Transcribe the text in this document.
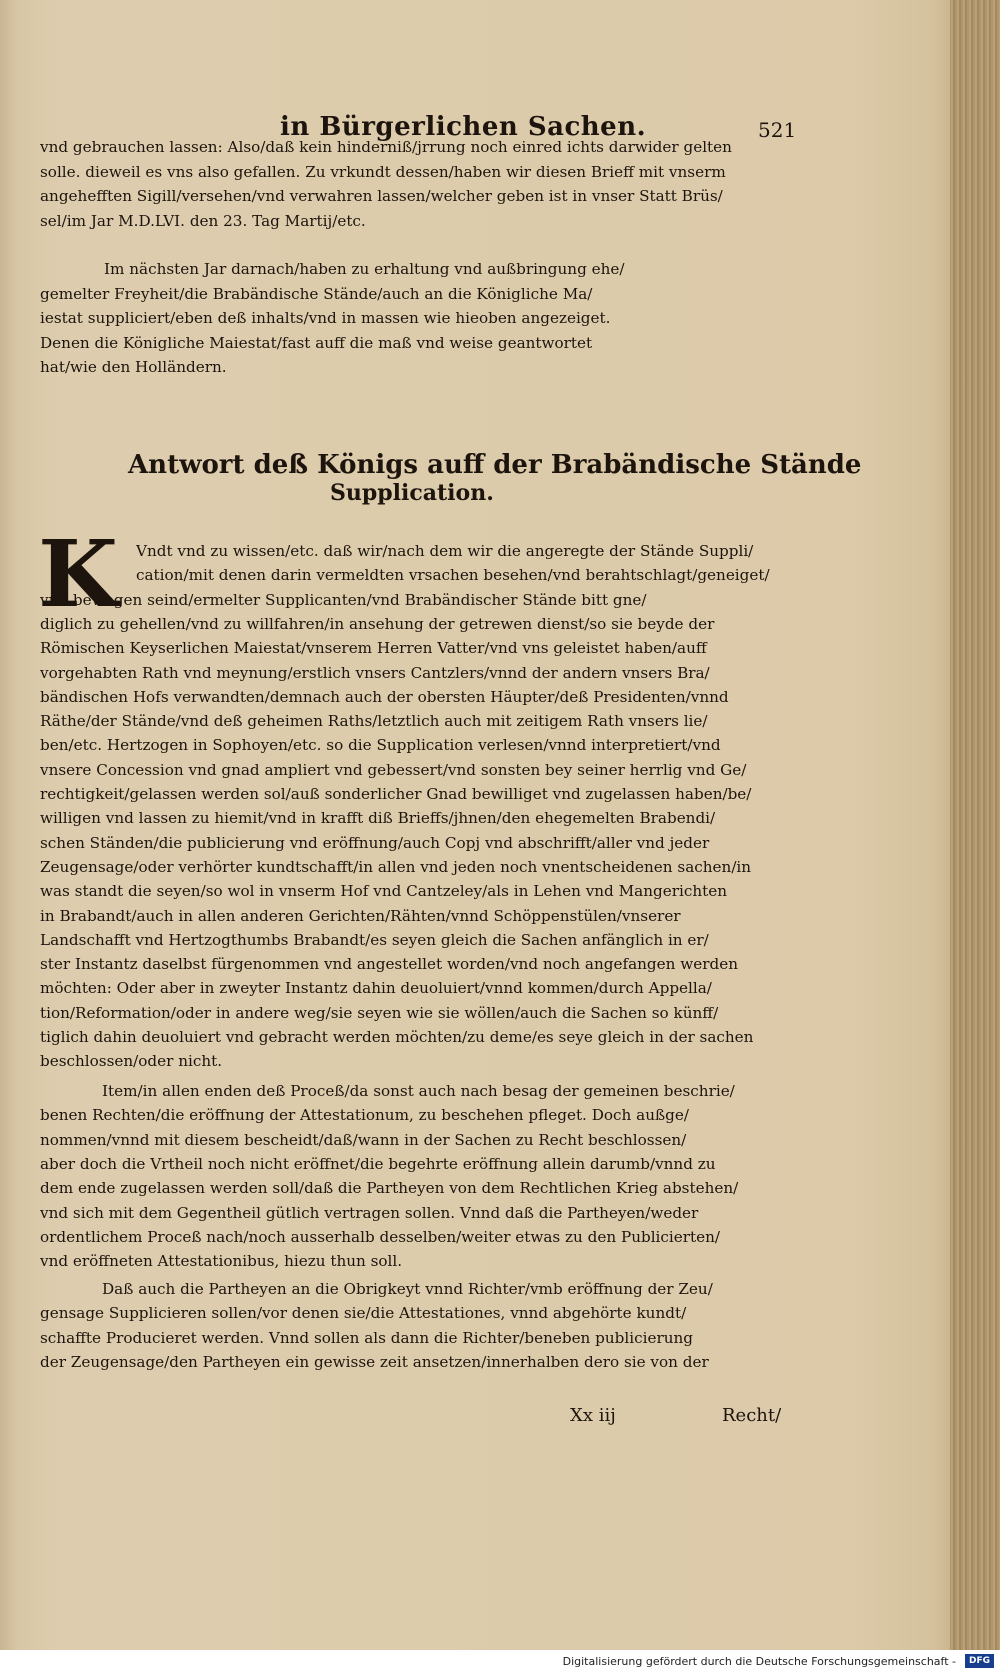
in Bürgerlichen Sachen.	521
vnd gebrauchen lassen: Also/daß kein hinderniß/jrrung noch einred ichts darwider gelten
solle. dieweil es vns also gefallen. Zu vrkundt dessen/haben wir diesen Brieff mit vnserm
angehefften Sigill/versehen/vnd verwahren lassen/welcher geben ist in vnser Statt Brüs/
sel/im Jar M.D.LVI. den 23. Tag Martij/etc.
Im nächsten Jar darnach/haben zu erhaltung vnd außbringung ehe/
gemelter Freyheit/die Brabändische Stände/auch an die Königliche Ma/
iestat suppliciert/eben deß inhalts/vnd in massen wie hieoben angezeiget.
Denen die Königliche Maiestat/fast auff die maß vnd weise geantwortet
hat/wie den Holländern.
Antwort deß Königs auff der Brabändische Stände
Supplication.
K Vndt vnd zu wissen/etc. daß wir/nach dem wir die angeregte der Stände Suppli/
cation/mit denen darin vermeldten vrsachen besehen/vnd berahtschlagt/geneiget/
vnd bewogen seind/ermelter Supplicanten/vnd Brabändischer Stände bitt gne/
diglich zu gehellen/vnd zu willfahren/in ansehung der getrewen dienst/so sie beyde der
Römischen Keyserlichen Maiestat/vnserem Herren Vatter/vnd vns geleistet haben/auff
vorgehabten Rath vnd meynung/erstlich vnsers Cantzlers/vnnd der andern vnsers Bra/
bändischen Hofs verwandten/demnach auch der obersten Häupter/deß Presidenten/vnnd
Räthe/der Stände/vnd deß geheimen Raths/letztlich auch mit zeitigem Rath vnsers lie/
ben/etc. Hertzogen in Sophoyen/etc. so die Supplication verlesen/vnnd interpretiert/vnd
vnsere Concession vnd gnad ampliert vnd gebessert/vnd sonsten bey seiner herrlig vnd Ge/
rechtigkeit/gelassen werden sol/auß sonderlicher Gnad bewilliget vnd zugelassen haben/be/
willigen vnd lassen zu hiemit/vnd in krafft diß Brieffs/jhnen/den ehegemelten Brabendi/
schen Ständen/die publicierung vnd eröffnung/auch Copj vnd abschrifft/aller vnd jeder
Zeugensage/oder verhörter kundtschafft/in allen vnd jeden noch vnentscheidenen sachen/in
was standt die seyen/so wol in vnserm Hof vnd Cantzeley/als in Lehen vnd Mangerichten
in Brabandt/auch in allen anderen Gerichten/Rähten/vnnd Schöppenstülen/vnserer
Landschafft vnd Hertzogthumbs Brabandt/es seyen gleich die Sachen anfänglich in er/
ster Instantz daselbst fürgenommen vnd angestellet worden/vnd noch angefangen werden
möchten: Oder aber in zweyter Instantz dahin deuoluiert/vnnd kommen/durch Appella/
tion/Reformation/oder in andere weg/sie seyen wie sie wöllen/auch die Sachen so künff/
tiglich dahin deuoluiert vnd gebracht werden möchten/zu deme/es seye gleich in der sachen
beschlossen/oder nicht.
Item/in allen enden deß Proceß/da sonst auch nach besag der gemeinen beschrie/
benen Rechten/die eröffnung der Attestationum, zu beschehen pfleget. Doch außge/
nommen/vnnd mit diesem bescheidt/daß/wann in der Sachen zu Recht beschlossen/
aber doch die Vrtheil noch nicht eröffnet/die begehrte eröffnung allein darumb/vnnd zu
dem ende zugelassen werden soll/daß die Partheyen von dem Rechtlichen Krieg abstehen/
vnd sich mit dem Gegentheil gütlich vertragen sollen. Vnnd daß die Partheyen/weder
ordentlichem Proceß nach/noch ausserhalb desselben/weiter etwas zu den Publicierten/
vnd eröffneten Attestationibus, hiezu thun soll.
Daß auch die Partheyen an die Obrigkeyt vnnd Richter/vmb eröffnung der Zeu/
gensage Supplicieren sollen/vor denen sie/die Attestationes, vnnd abgehörte kundt/
schaffte Producieret werden. Vnnd sollen als dann die Richter/beneben publicierung
der Zeugensage/den Partheyen ein gewisse zeit ansetzen/innerhalben dero sie von der
Xx iij	Recht/
Digitalisierung gefördert durch die Deutsche Forschungsgemeinschaft -	DFG
